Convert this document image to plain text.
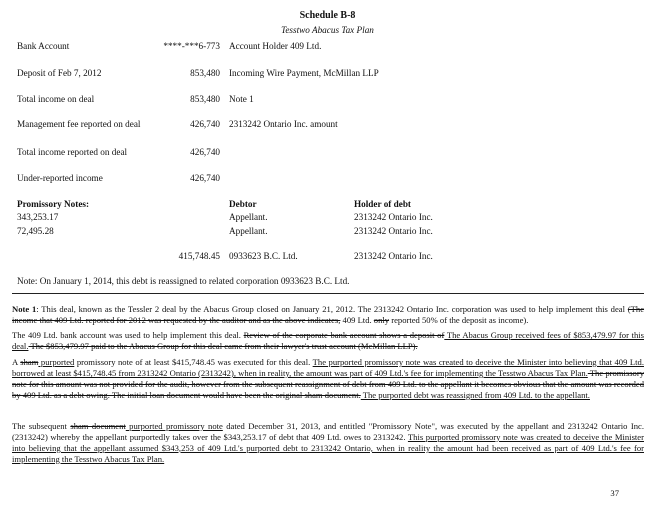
Schedule B-8
Tesstwo Abacus Tax Plan
Bank Account	****-***6-773 Account Holder 409 Ltd.
Deposit of Feb 7, 2012	853,480 Incoming Wire Payment, McMillan LLP
Total income on deal	853,480 Note 1
Management fee reported on deal	426,740 2313242 Ontario Inc. amount
Total income reported on deal	426,740
Under-reported income	426,740
Promissory Notes:	Debtor	Holder of debt
343,253.17	Appellant.	2313242 Ontario Inc.
72,495.28	Appellant.	2313242 Ontario Inc.
415,748.45 0933623 B.C. Ltd.	2313242 Ontario Inc.
Note: On January 1, 2014, this debt is reassigned to related corporation 0933623 B.C. Ltd.
Note 1: This deal, known as the Tessler 2 deal by the Abacus Group closed on January 21, 2012. The 2313242 Ontario Inc. corporation was used to help implement this deal (The income that 409 Ltd. reported for 2012 was requested by the auditor and as the above indicates, 409 Ltd. only reported 50% of the deposit as income).
The 409 Ltd. bank account was used to help implement this deal. Review of the corporate bank account shows a deposit of The Abacus Group received fees of $853,479.97 for this deal. The $853,479.97 paid to the Abacus Group for this deal came from their lawyer's trust account (McMillan LLP).
A sham purported promissory note of at least $415,748.45 was executed for this deal. The purported promissory note was created to deceive the Minister into believing that 409 Ltd. borrowed at least $415,748.45 from 2313242 Ontario (2313242), when in reality, the amount was part of 409 Ltd.'s fee for implementing the Tesstwo Abacus Tax Plan. The promissory note for this amount was not provided for the audit, however from the subsequent reassignment of debt from 409 Ltd. to the appellant it becomes obvious that the amount was recorded by 409 Ltd. as a debt owing. The initial loan document would have been the original sham document. The purported debt was reassigned from 409 Ltd. to the appellant.
The subsequent sham document purported promissory note dated December 31, 2013, and entitled "Promissory Note", was executed by the appellant and 2313242 Ontario Inc. (2313242) whereby the appellant purportedly takes over the $343,253.17 of debt that 409 Ltd. owes to 2313242. This purported promissory note was created to deceive the Minister into believing that the appellant assumed $343,253 of 409 Ltd.'s purported debt to 2313242 Ontario, when in reality the amount had been received as part of 409 Ltd.'s fee for implementing the Tesstwo Abacus Tax Plan.
37
